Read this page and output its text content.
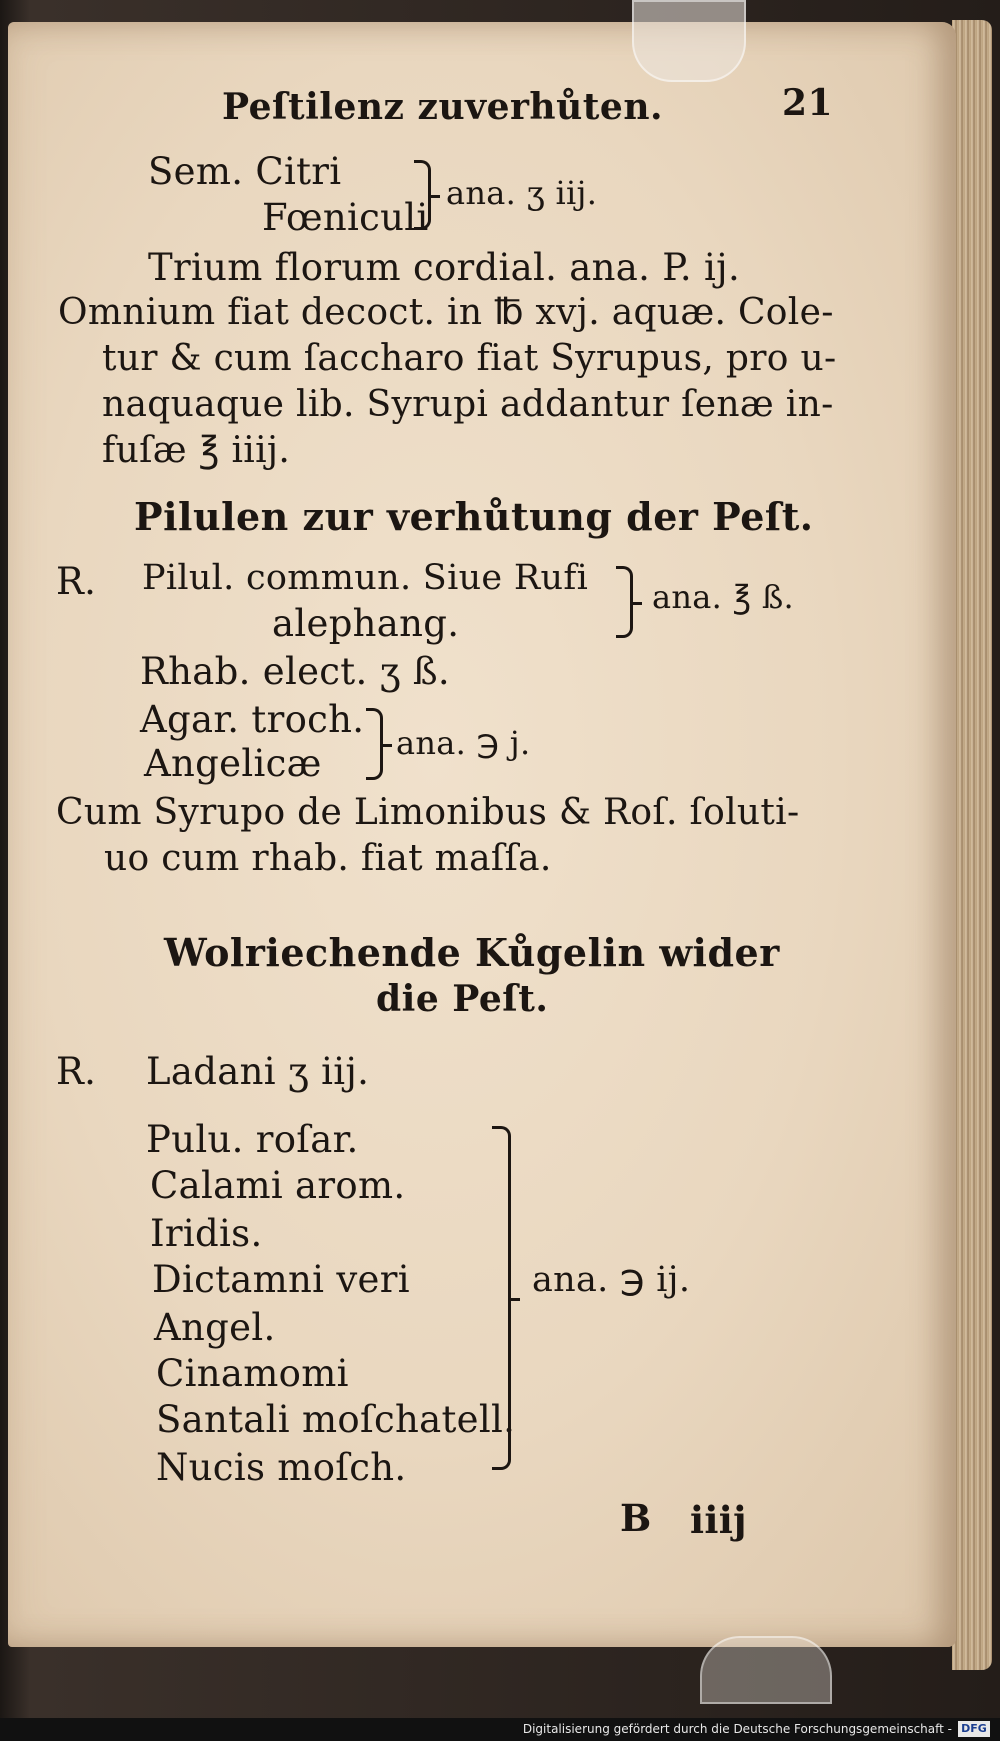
Peſtilenz zuverhůten.	21
Sem. Citri
Fœniculi
ana. ʒ iij.
Trium florum cordial. ana. P. ij.
Omnium fiat decoct. in ℔ xvj. aquæ. Cole-
tur & cum ſaccharo fiat Syrupus, pro u-
naquaque lib. Syrupi addantur ſenæ in-
fuſæ ℥ iiij.
Pilulen zur verhůtung der Peſt.
R. Pilul. commun. Siue Rufi
alephang.
ana. ℥ ß.
Rhab. elect. ʒ ß.
Agar. troch.
Angelicæ ana. ℈ j.
Cum Syrupo de Limonibus & Roſ. ſoluti-
uo cum rhab. fiat maſſa.
Wolriechende Kůgelin wider
die Peſt.
R. Ladani ʒ iij.
Pulu. roſar.
Calami arom.
Iridis.
Dictamni veri
Angel.
Cinamomi
Santali moſchatell.
Nucis moſch.
ana. ℈ ij.
B iiij
Digitalisierung gefördert durch die Deutsche Forschungsgemeinschaft - DFG
